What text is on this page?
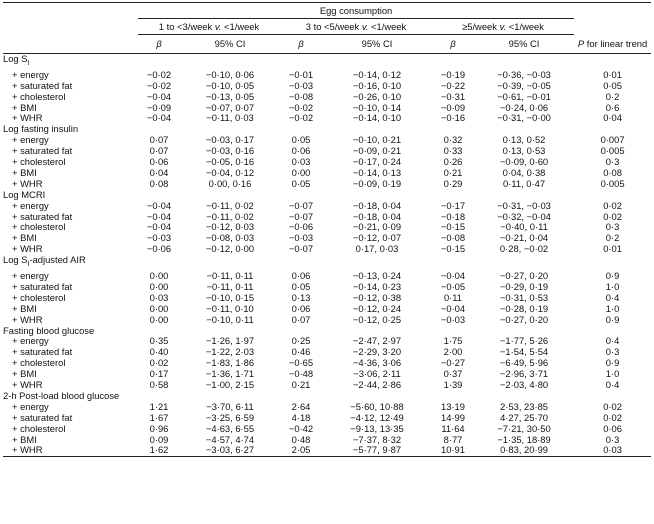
	Egg consumption						
	1 to <3/week v. <1/week		3 to <5/week v. <1/week		≥5/week v. <1/week		
	β	95% CI	β	95% CI	β	95% CI	P for linear trend
Log $S_I$
+ energy	−0·02	−0·10, 0·06	−0·01	−0·14, 0·12	−0·19	−0·36, −0·03	0·01
+ saturated fat	−0·02	−0·10, 0·05	−0·03	−0·16, 0·10	−0·22	−0·39, −0·05	0·05
+ cholesterol	−0·04	−0·13, 0·05	−0·08	−0·26, 0·10	−0·31	−0·61, −0·01	0·2
+ BMI	−0·09	−0·07, 0·07	−0·02	−0·10, 0·14	−0·09	−0·24, 0·06	0·6
+ WHR	−0·04	−0·11, 0·03	−0·02	−0·14, 0·10	−0·16	−0·31, −0·00	0·04
Log fasting insulin							
+ energy	0·07	−0·03, 0·17	0·05	−0·10, 0·21	0·32	0·13, 0·52	0·007
+ saturated fat	0·07	−0·03, 0·16	0·06	−0·09, 0·21	0·33	0·13, 0·53	0·005
+ cholesterol	0·06	−0·05, 0·16	0·03	−0·17, 0·24	0·26	−0·09, 0·60	0·3
+ BMI	0·04	−0·04, 0·12	0·00	−0·14, 0·13	0·21	0·04, 0·38	0·08
+ WHR	0·08	0·00, 0·16	0·05	−0·09, 0·19	0·29	0·11, 0·47	0·005
Log MCRI							
+ energy	−0·04	−0·11, 0·02	−0·07	−0·18, 0·04	−0·17	−0·31, −0·03	0·02
+ saturated fat	−0·04	−0·11, 0·02	−0·07	−0·18, 0·04	−0·18	−0·32, −0·04	0·02
+ cholesterol	−0·04	−0·12, 0·03	−0·06	−0·21, 0·09	−0·15	−0·40, 0·11	0·3
+ BMI	−0·03	−0·08, 0·03	−0·03	−0·12, 0·07	−0·08	−0·21, 0·04	0·2
+ WHR	−0·06	−0·12, 0·00	−0·07	0·17, 0·03	−0·15	0·28, −0·02	0·01
Log $S_I$-adjusted AIR							
+ energy	0·00	−0·11, 0·11	0·06	−0·13, 0·24	−0·04	−0·27, 0·20	0·9
+ saturated fat	0·00	−0·11, 0·11	0·05	−0·14, 0·23	−0·05	−0·29, 0·19	1·0
+ cholesterol	0·03	−0·10, 0·15	0·13	−0·12, 0·38	0·11	−0·31, 0·53	0·4
+ BMI	0·00	−0·11, 0·10	0·06	−0·12, 0·24	−0·04	−0·28, 0·19	1·0
+ WHR	0·00	−0·10, 0·11	0·07	−0·12, 0·25	−0·03	−0·27, 0·20	0·9
Fasting blood glucose							
+ energy	0·35	−1·26, 1·97	0·25	−2·47, 2·97	1·75	−1·77, 5·26	0·4
+ saturated fat	0·40	−1·22, 2·03	0·46	−2·29, 3·20	2·00	−1·54, 5·54	0·3
+ cholesterol	0·02	−1·83, 1·86	−0·65	−4·36, 3·06	−0·27	−6·49, 5·96	0·9
+ BMI	0·17	−1·36, 1·71	−0·48	−3·06, 2·11	0·37	−2·96, 3·71	1·0
+ WHR	0·58	−1·00, 2·15	0·21	−2·44, 2·86	1·39	−2·03, 4·80	0·4
2-h Post-load blood glucose							
+ energy	1·21	−3·70, 6·11	2·64	−5·60, 10·88	13·19	2·53, 23·85	0·02
+ saturated fat	1·67	−3·25, 6·59	4·18	−4·12, 12·49	14·99	4·27, 25·70	0·02
+ cholesterol	0·96	−4·63, 6·55	−0·42	−9·13, 13·35	11·64	−7·21, 30·50	0·06
+ BMI	0·09	−4·57, 4·74	0·48	−7·37, 8·32	8·77	−1·35, 18·89	0·3
+ WHR	1·62	−3·03, 6·27	2·05	−5·77, 9·87	10·91	0·83, 20·99	0·03
